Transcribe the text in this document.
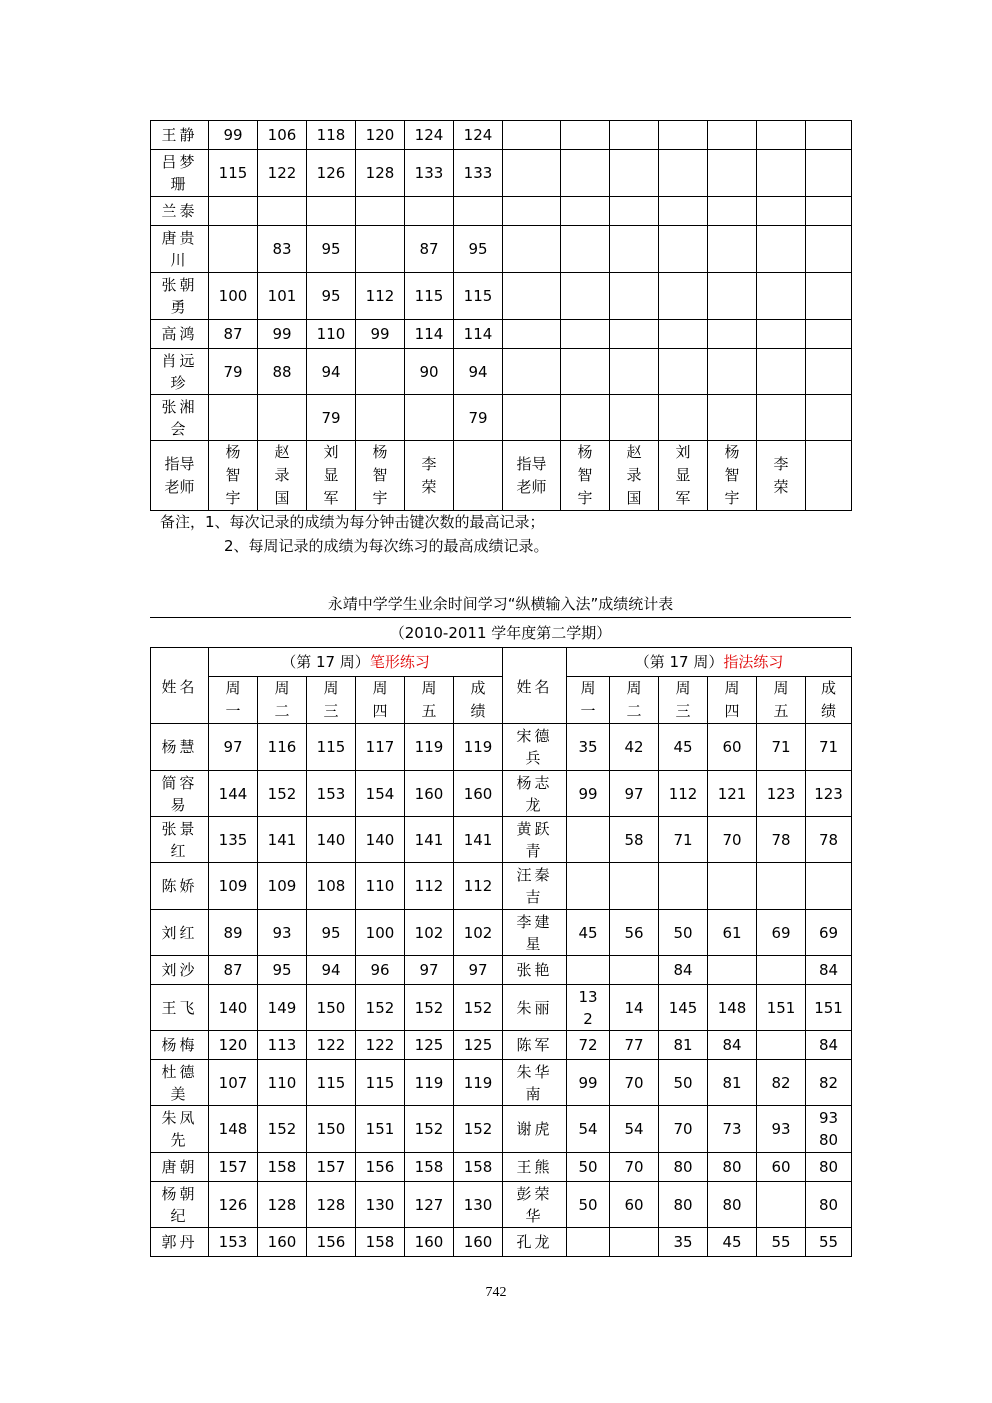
王静	99	106	118	120	124	124							
吕梦珊	115	122	126	128	133	133							
兰泰													
唐贵川		83	95		87	95							
张朝勇	100	101	95	112	115	115							
高鸿	87	99	110	99	114	114							
肖远珍	79	88	94		90	94							
张湘会			79			79							
指导老师	杨智宇	赵录国	刘显军	杨智宇	李荣		指导老师	杨智宇	赵录国	刘显军	杨智宇	李荣	
备注，1、每次记录的成绩为每分钟击键次数的最高记录；
2、每周记录的成绩为每次练习的最高成绩记录。
永靖中学学生业余时间学习“纵横输入法”成绩统计表
（2010-2011 学年度第二学期）
姓名	（第 17 周）笔形练习						姓名	（第 17 周）指法练习					
	周一	周二	周三	周四	周五	成绩		周一	周二	周三	周四	周五	成绩
杨慧	97	116	115	117	119	119	宋德兵	35	42	45	60	71	71
简容易	144	152	153	154	160	160	杨志龙	99	97	112	121	123	123
张景红	135	141	140	140	141	141	黄跃青		58	71	70	78	78
陈娇	109	109	108	110	112	112	汪秦吉						
刘红	89	93	95	100	102	102	李建星	45	56	50	61	69	69
刘沙	87	95	94	96	97	97	张艳			84			84
王飞	140	149	150	152	152	152	朱丽	132	14	145	148	151	151
杨梅	120	113	122	122	125	125	陈军	72	77	81	84		84
杜德美	107	110	115	115	119	119	朱华南	99	70	50	81	82	82
朱凤先	148	152	150	151	152	152	谢虎	54	54	70	73	93	9380
唐朝	157	158	157	156	158	158	王熊	50	70	80	80	60	80
杨朝纪	126	128	128	130	127	130	彭荣华	50	60	80	80		80
郭丹	153	160	156	158	160	160	孔龙			35	45	55	55
742
